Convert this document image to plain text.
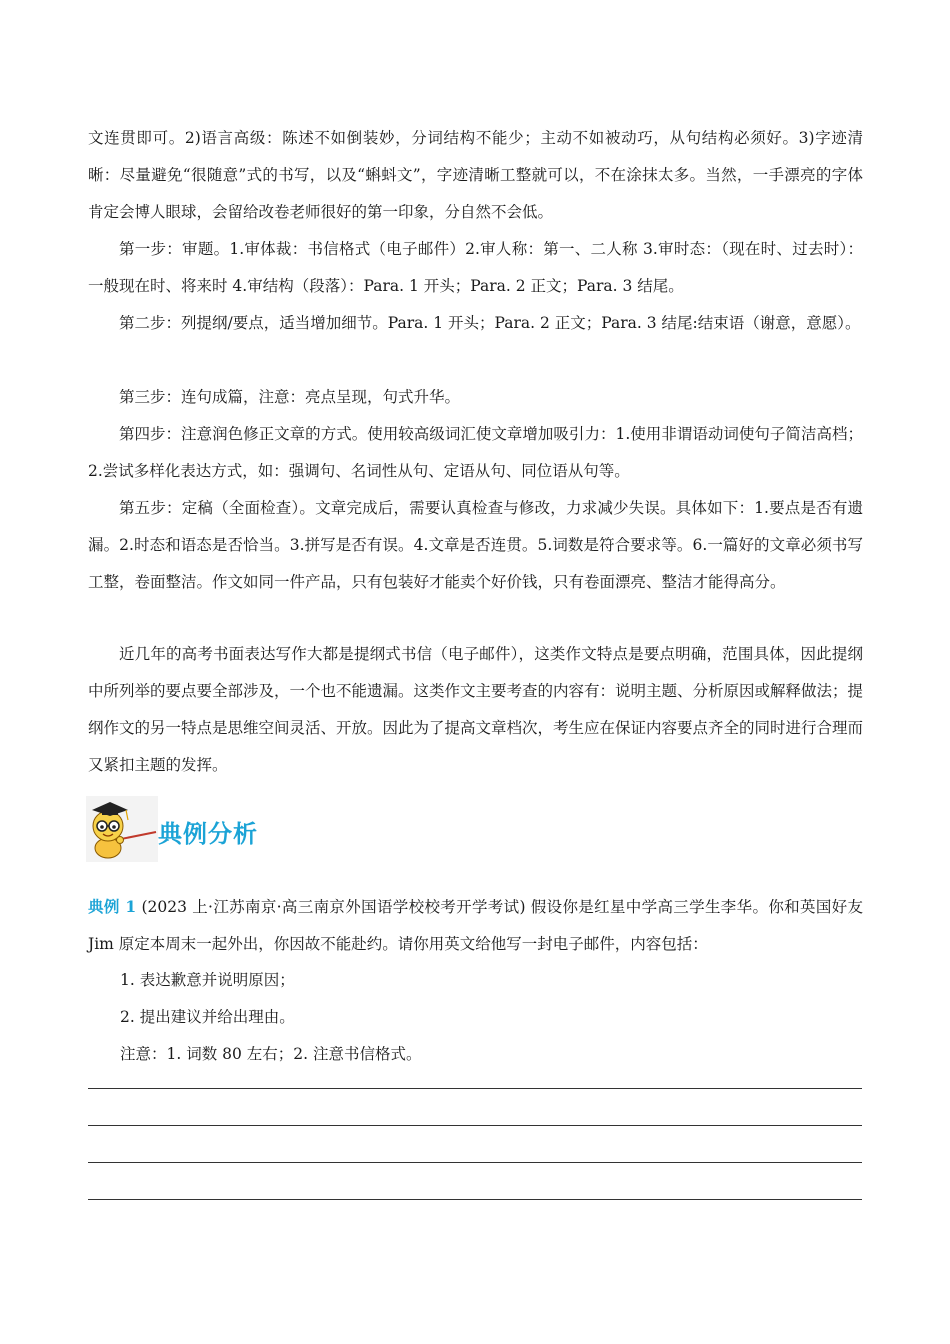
文连贯即可。2)语言高级：陈述不如倒装妙，分词结构不能少；主动不如被动巧，从句结构必须好。3)字迹清晰：尽量避免“很随意”式的书写，以及“蝌蚪文”，字迹清晰工整就可以，不在涂抹太多。当然，一手漂亮的字体肯定会博人眼球，会留给改卷老师很好的第一印象，分自然不会低。

第一步：审题。1.审体裁：书信格式（电子邮件）2.审人称：第一、二人称 3.审时态：（现在时、过去时）：一般现在时、将来时 4.审结构（段落）：Para. 1 开头；Para. 2 正文；Para. 3 结尾。

第二步：列提纲/要点，适当增加细节。Para. 1 开头；Para. 2 正文；Para. 3 结尾:结束语（谢意，意愿）。

第三步：连句成篇，注意：亮点呈现，句式升华。

第四步：注意润色修正文章的方式。使用较高级词汇使文章增加吸引力：1.使用非谓语动词使句子简洁高档；2.尝试多样化表达方式，如：强调句、名词性从句、定语从句、同位语从句等。

第五步：定稿（全面检查）。文章完成后，需要认真检查与修改，力求减少失误。具体如下：1.要点是否有遗漏。2.时态和语态是否恰当。3.拼写是否有误。4.文章是否连贯。5.词数是符合要求等。6.一篇好的文章必须书写工整，卷面整洁。作文如同一件产品，只有包装好才能卖个好价钱，只有卷面漂亮、整洁才能得高分。

近几年的高考书面表达写作大都是提纲式书信（电子邮件），这类作文特点是要点明确，范围具体，因此提纲中所列举的要点要全部涉及，一个也不能遗漏。这类作文主要考查的内容有：说明主题、分析原因或解释做法；提纲作文的另一特点是思维空间灵活、开放。因此为了提高文章档次，考生应在保证内容要点齐全的同时进行合理而又紧扣主题的发挥。

典例分析

典例 1 (2023 上·江苏南京·高三南京外国语学校校考开学考试) 假设你是红星中学高三学生李华。你和英国好友 Jim 原定本周末一起外出，你因故不能赴约。请你用英文给他写一封电子邮件，内容包括：

1. 表达歉意并说明原因；

2. 提出建议并给出理由。

注意：1. 词数 80 左右；2. 注意书信格式。
